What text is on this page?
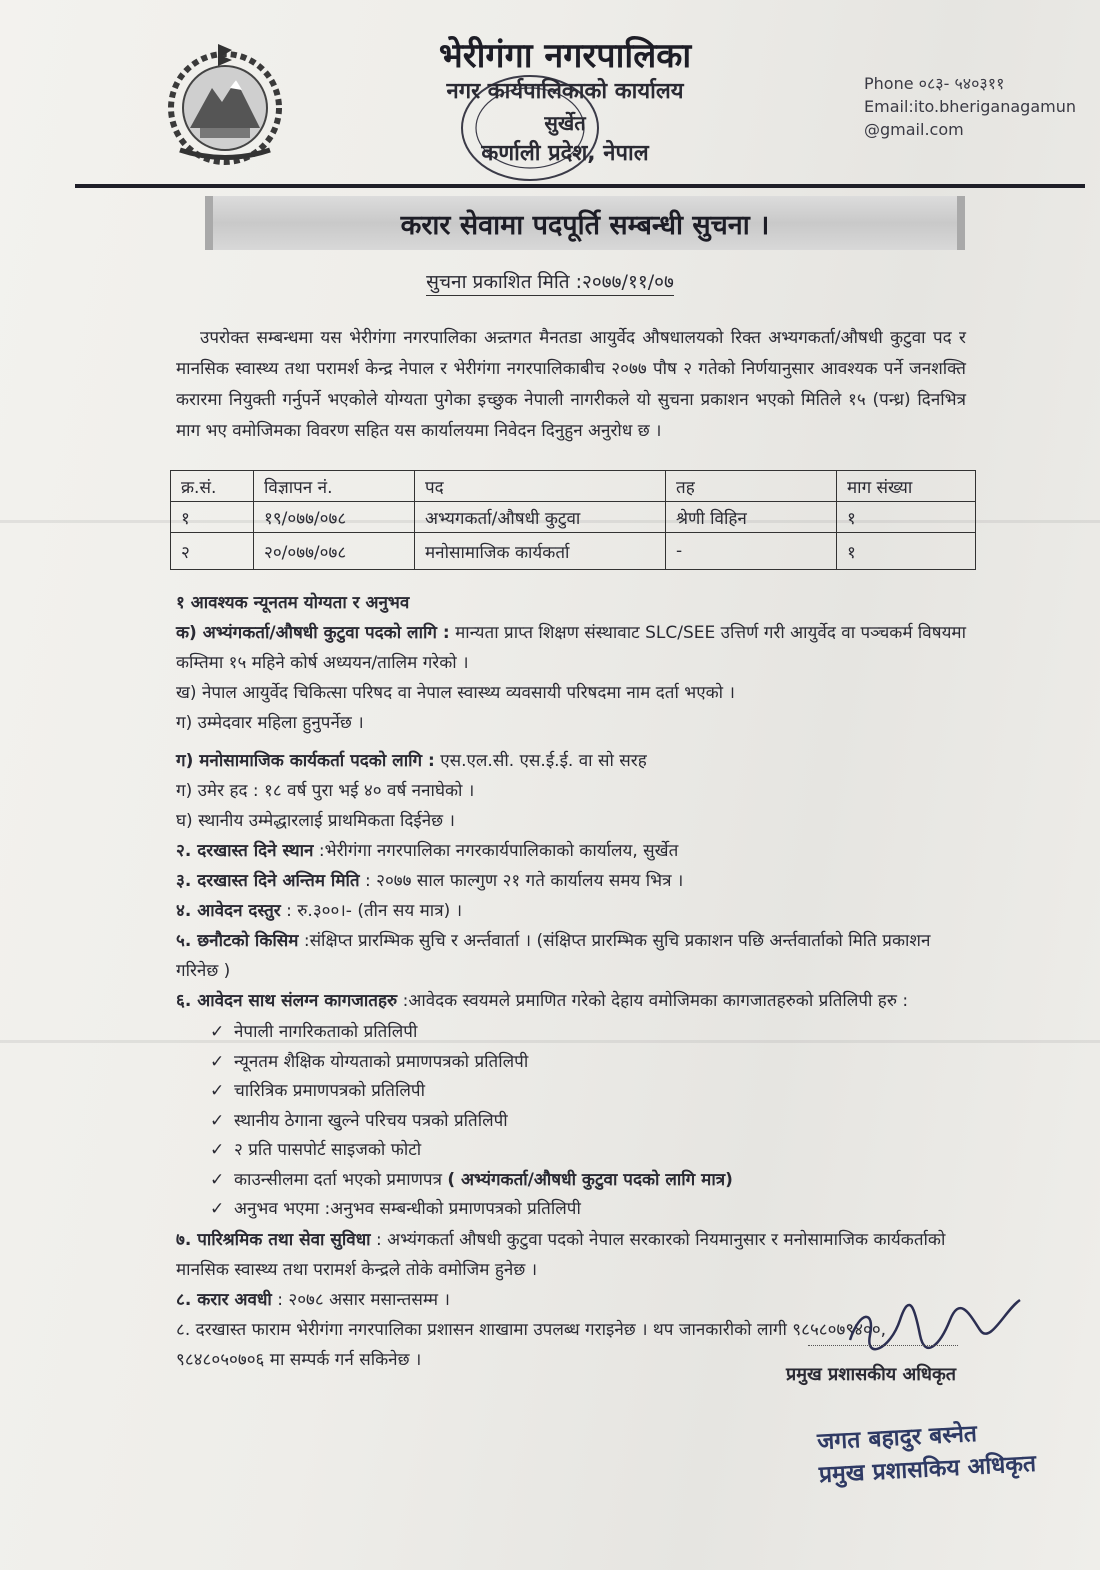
भेरीगंगा नगरपालिका
नगर कार्यपालिकाको कार्यालय
सुर्खेत
कर्णाली प्रदेश, नेपाल
Phone ०८३- ५४०३११
Email:ito.bheriganagamun
@gmail.com
करार सेवामा पदपूर्ति सम्बन्धी सुचना ।
सुचना प्रकाशित मिति :२०७७/११/०७

उपरोक्त सम्बन्धमा यस भेरीगंगा नगरपालिका अन्र्तगत मैनतडा आयुर्वेद औषधालयको रिक्त अभ्यगकर्ता/औषधी कुटुवा पद र मानसिक स्वास्थ्य तथा परामर्श केन्द्र नेपाल र भेरीगंगा नगरपालिकाबीच २०७७ पौष २ गतेको निर्णयानुसार आवश्यक पर्ने जनशक्ति करारमा नियुक्ती गर्नुपर्ने भएकोले योग्यता पुगेका इच्छुक नेपाली नागरीकले यो सुचना प्रकाशन भएको मितिले १५ (पन्ध्र) दिनभित्र माग भए वमोजिमका विवरण सहित यस कार्यालयमा निवेदन दिनुहुन अनुरोध छ ।

क्र.सं.	विज्ञापन नं.	पद	तह	माग संख्या
१	१९/०७७/०७८	अभ्यगकर्ता/औषधी कुटुवा	श्रेणी विहिन	१
२	२०/०७७/०७८	मनोसामाजिक कार्यकर्ता	-	१

१ आवश्यक न्यूनतम योग्यता र अनुभव

क) अभ्यंगकर्ता/औषधी कुटुवा पदको लागि : मान्यता प्राप्त शिक्षण संस्थावाट SLC/SEE उत्तिर्ण गरी आयुर्वेद वा पञ्चकर्म विषयमा कम्तिमा १५ महिने कोर्ष अध्ययन/तालिम गरेको ।

ख) नेपाल आयुर्वेद चिकित्सा परिषद वा नेपाल स्वास्थ्य व्यवसायी परिषदमा नाम दर्ता भएको ।

ग) उम्मेदवार महिला हुनुपर्नेछ ।

ग) मनोसामाजिक कार्यकर्ता पदको लागि : एस.एल.सी. एस.ई.ई. वा सो सरह

ग) उमेर हद : १८ वर्ष पुरा भई ४० वर्ष ननाघेको ।

घ) स्थानीय उम्मेद्धारलाई प्राथमिकता दिईनेछ ।

२. दरखास्त दिने स्थान :भेरीगंगा नगरपालिका नगरकार्यपालिकाको कार्यालय, सुर्खेत

३. दरखास्त दिने अन्तिम मिति : २०७७ साल फाल्गुण २१ गते कार्यालय समय भित्र ।

४. आवेदन दस्तुर : रु.३००।- (तीन सय मात्र) ।

५. छनौटको किसिम :संक्षिप्त प्रारम्भिक सुचि र अर्न्तवार्ता । (संक्षिप्त प्रारम्भिक सुचि प्रकाशन पछि अर्न्तवार्ताको मिति प्रकाशन गरिनेछ )

६. आवेदन साथ संलग्न कागजातहरु :आवेदक स्वयमले प्रमाणित गरेको देहाय वमोजिमका कागजातहरुको प्रतिलिपी हरु :

✓ नेपाली नागरिकताको प्रतिलिपी
✓ न्यूनतम शैक्षिक योग्यताको प्रमाणपत्रको प्रतिलिपी
✓ चारित्रिक प्रमाणपत्रको प्रतिलिपी
✓ स्थानीय ठेगाना खुल्ने परिचय पत्रको प्रतिलिपी
✓ २ प्रति पासपोर्ट साइजको फोटो
✓ काउन्सीलमा दर्ता भएको प्रमाणपत्र ( अभ्यंगकर्ता/औषधी कुटुवा पदको लागि मात्र)
✓ अनुभव भएमा :अनुभव सम्बन्धीको प्रमाणपत्रको प्रतिलिपी

७. पारिश्रमिक तथा सेवा सुविधा : अभ्यंगकर्ता औषधी कुटुवा पदको नेपाल सरकारको नियमानुसार र मनोसामाजिक कार्यकर्ताको मानसिक स्वास्थ्य तथा परामर्श केन्द्रले तोके वमोजिम हुनेछ ।

८. करार अवधी : २०७८ असार मसान्तसम्म ।

८. दरखास्त फाराम भेरीगंगा नगरपालिका प्रशासन शाखामा उपलब्ध गराइनेछ । थप जानकारीको लागी ९८५८०७९४००, ९८४८०५०७०६ मा सम्पर्क गर्न सकिनेछ ।

प्रमुख प्रशासकीय अधिकृत
जगत बहादुर बस्नेत
प्रमुख प्रशासकिय अधिकृत
